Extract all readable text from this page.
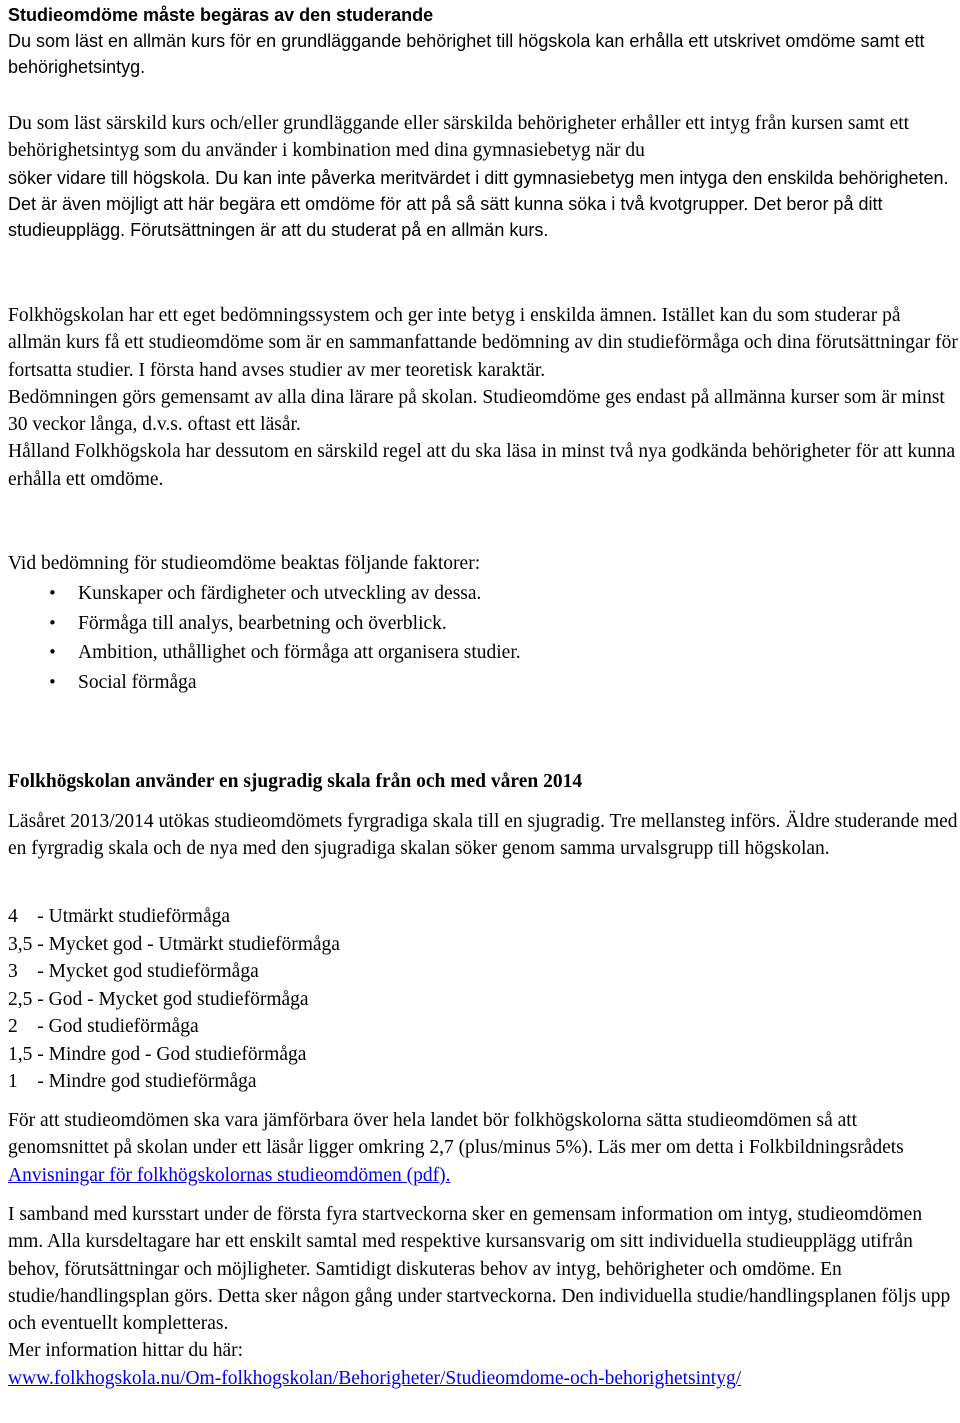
Studieomdöme måste begäras av den studerande

Du som läst en allmän kurs för en grundläggande behörighet till högskola kan erhålla ett utskrivet omdöme samt ett behörighetsintyg.

Du som läst särskild kurs och/eller grundläggande eller särskilda behörigheter erhåller ett intyg från kursen samt ett behörighetsintyg som du använder i kombination med dina gymnasiebetyg när du

söker vidare till högskola. Du kan inte påverka meritvärdet i ditt gymnasiebetyg men intyga den enskilda behörigheten.

Det är även möjligt att här begära ett omdöme för att på så sätt kunna söka i två kvotgrupper. Det beror på ditt studieupplägg. Förutsättningen är att du studerat på en allmän kurs.

Folkhögskolan har ett eget bedömningssystem och ger inte betyg i enskilda ämnen. Istället kan du som studerar på allmän kurs få ett studieomdöme som är en sammanfattande bedömning av din studieförmåga och dina förutsättningar för fortsatta studier. I första hand avses studier av mer teoretisk karaktär.

Bedömningen görs gemensamt av alla dina lärare på skolan. Studieomdöme ges endast på allmänna kurser som är minst 30 veckor långa, d.v.s. oftast ett läsår.

Hålland Folkhögskola har dessutom en särskild regel att du ska läsa in minst två nya godkända behörigheter för att kunna erhålla ett omdöme.

Vid bedömning för studieomdöme beaktas följande faktorer:

• Kunskaper och färdigheter och utveckling av dessa.
• Förmåga till analys, bearbetning och överblick.
• Ambition, uthållighet och förmåga att organisera studier.
• Social förmåga
Folkhögskolan använder en sjugradig skala från och med våren 2014
Läsåret 2013/2014 utökas studieomdömets fyrgradiga skala till en sjugradig. Tre mellansteg införs. Äldre studerande med en fyrgradig skala och de nya med den sjugradiga skalan söker genom samma urvalsgrupp till högskolan.
4    - Utmärkt studieförmåga
3,5 - Mycket god - Utmärkt studieförmåga
3    - Mycket god studieförmåga
2,5 - God - Mycket god studieförmåga
2    - God studieförmåga
1,5 - Mindre god - God studieförmåga
1    - Mindre god studieförmåga

För att studieomdömen ska vara jämförbara över hela landet bör folkhögskolorna sätta studieomdömen så att genomsnittet på skolan under ett läsår ligger omkring 2,7 (plus/minus 5%). Läs mer om detta i Folkbildningsrådets Anvisningar för folkhögskolornas studieomdömen (pdf).

I samband med kursstart under de första fyra startveckorna sker en gemensam information om intyg, studieomdömen mm. Alla kursdeltagare har ett enskilt samtal med respektive kursansvarig om sitt individuella studieupplägg utifrån behov, förutsättningar och möjligheter. Samtidigt diskuteras behov av intyg, behörigheter och omdöme. En studie/handlingsplan görs. Detta sker någon gång under startveckorna. Den individuella studie/handlingsplanen följs upp och eventuellt kompletteras.

Mer information hittar du här:

www.folkhogskola.nu/Om-folkhogskolan/Behorigheter/Studieomdome-och-behorighetsintyg/
